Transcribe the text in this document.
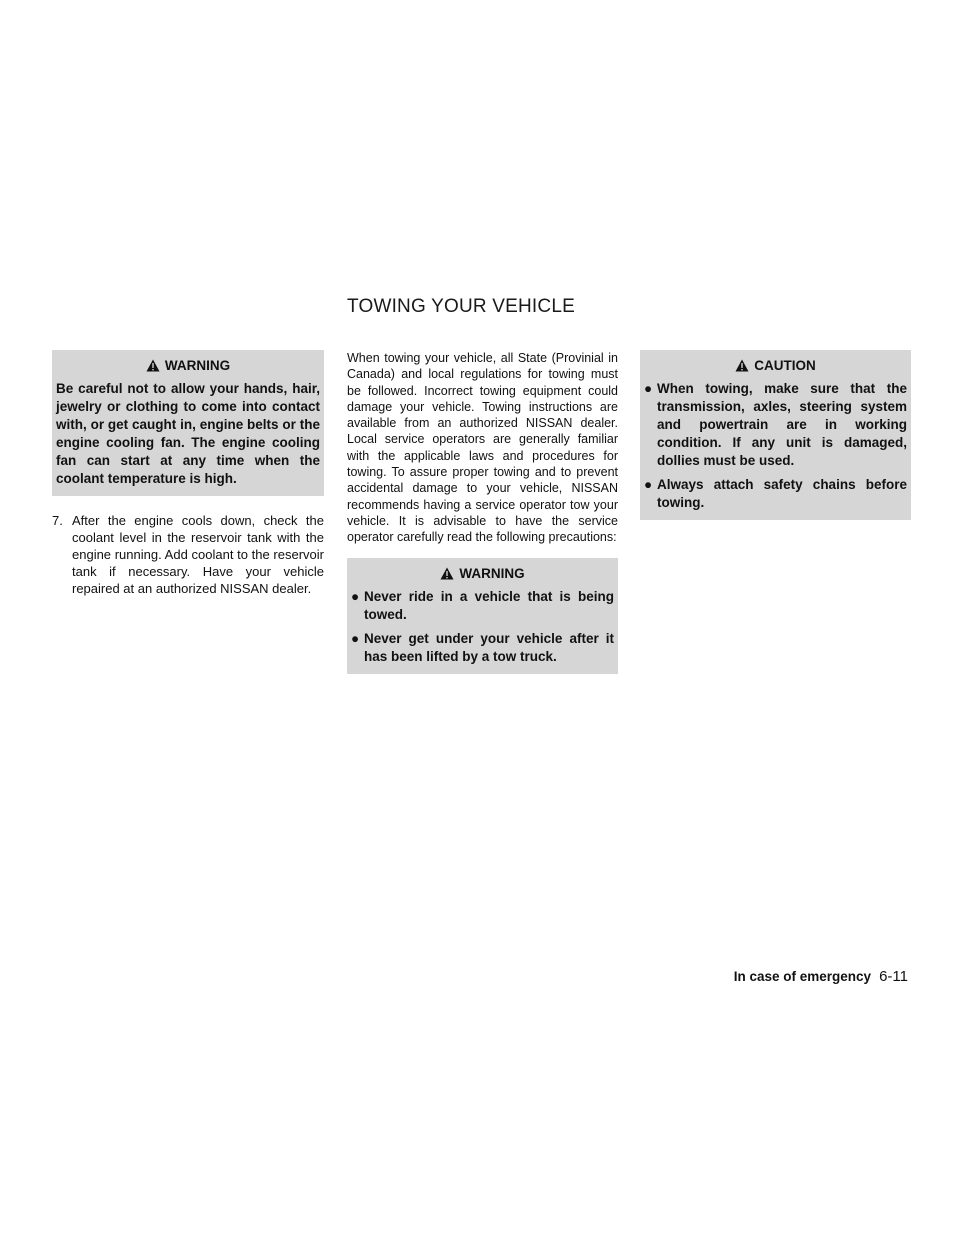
TOWING YOUR VEHICLE
WARNING
Be careful not to allow your hands, hair, jewelry or clothing to come into contact with, or get caught in, engine belts or the engine cooling fan. The engine cooling fan can start at any time when the coolant temperature is high.
7. After the engine cools down, check the coolant level in the reservoir tank with the engine running. Add coolant to the reservoir tank if necessary. Have your vehicle repaired at an authorized NISSAN dealer.

When towing your vehicle, all State (Provinial in Canada) and local regulations for towing must be followed. Incorrect towing equipment could damage your vehicle. Towing instructions are available from an authorized NISSAN dealer. Local service operators are generally familiar with the applicable laws and procedures for towing. To assure proper towing and to prevent accidental damage to your vehicle, NISSAN recommends having a service operator tow your vehicle. It is advisable to have the service operator carefully read the following precautions:

WARNING
● Never ride in a vehicle that is being towed.
● Never get under your vehicle after it has been lifted by a tow truck.
CAUTION
● When towing, make sure that the transmission, axles, steering system and powertrain are in working condition. If any unit is damaged, dollies must be used.
● Always attach safety chains before towing.
In case of emergency 6-11
